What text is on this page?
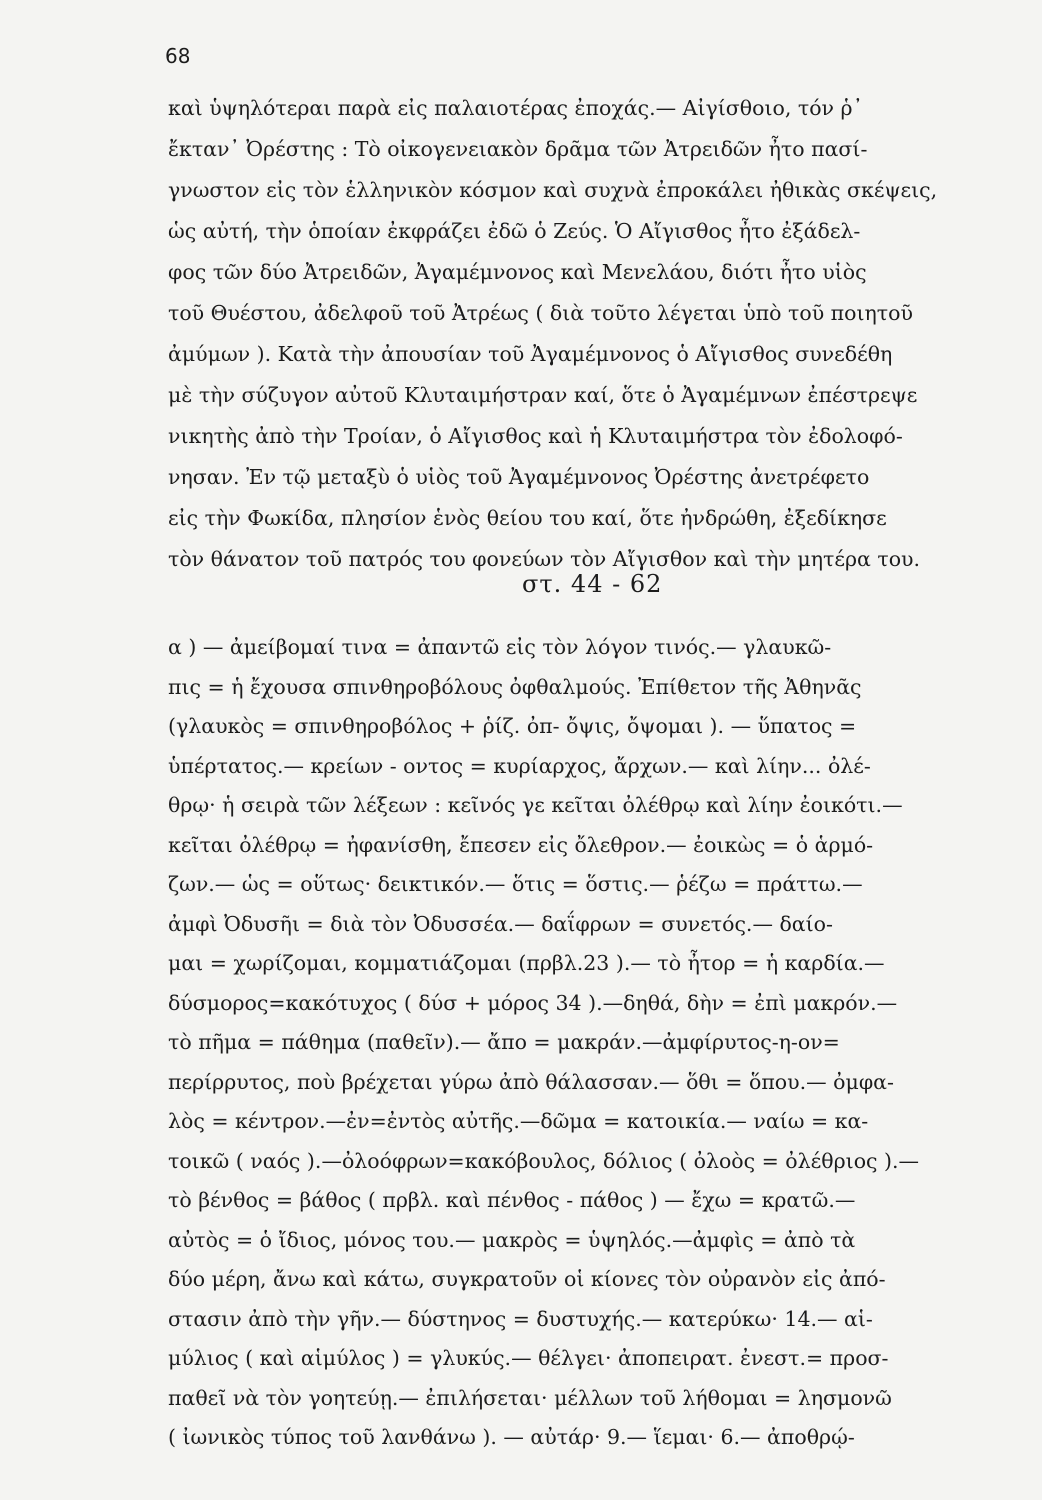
68
καὶ ὑψηλότεραι παρὰ εἰς παλαιοτέρας ἐποχάς.— Αἰγίσθοιο, τόν ῥ᾿
ἔκταν᾿ Ὀρέστης : Τὸ οἰκογενειακὸν δρᾶμα τῶν Ἀτρειδῶν ἦτο πασί-
γνωστον εἰς τὸν ἑλληνικὸν κόσμον καὶ συχνὰ ἐπροκάλει ἠθικὰς σκέψεις,
ὡς αὐτή, τὴν ὁποίαν ἐκφράζει ἐδῶ ὁ Ζεύς. Ὁ Αἴγισθος ἦτο ἐξάδελ-
φος τῶν δύο Ἀτρειδῶν, Ἀγαμέμνονος καὶ Μενελάου, διότι ἦτο υἱὸς
τοῦ Θυέστου, ἀδελφοῦ τοῦ Ἀτρέως ( διὰ τοῦτο λέγεται ὑπὸ τοῦ ποιητοῦ
ἀμύμων ). Κατὰ τὴν ἀπουσίαν τοῦ Ἀγαμέμνονος ὁ Αἴγισθος συνεδέθη
μὲ τὴν σύζυγον αὐτοῦ Κλυταιμήστραν καί, ὅτε ὁ Ἀγαμέμνων ἐπέστρεψε
νικητὴς ἀπὸ τὴν Τροίαν, ὁ Αἴγισθος καὶ ἡ Κλυταιμήστρα τὸν ἐδολοφό-
νησαν. Ἐν τῷ μεταξὺ ὁ υἱὸς τοῦ Ἀγαμέμνονος Ὀρέστης ἀνετρέφετο
εἰς τὴν Φωκίδα, πλησίον ἑνὸς θείου του καί, ὅτε ἠνδρώθη, ἐξεδίκησε
τὸν θάνατον τοῦ πατρός του φονεύων τὸν Αἴγισθον καὶ τὴν μητέρα του.
στ. 44 - 62
α ) — ἀμείβομαί τινα = ἀπαντῶ εἰς τὸν λόγον τινός.— γλαυκῶ-
πις = ἡ ἔχουσα σπινθηροβόλους ὀφθαλμούς. Ἐπίθετον τῆς Ἀθηνᾶς
(γλαυκὸς = σπινθηροβόλος + ῥίζ. ὀπ- ὄψις, ὄψομαι ). — ὕπατος =
ὑπέρτατος.— κρείων - οντος = κυρίαρχος, ἄρχων.— καὶ λίην... ὀλέ-
θρῳ· ἡ σειρὰ τῶν λέξεων : κεῖνός γε κεῖται ὀλέθρῳ καὶ λίην ἐοικότι.—
κεῖται ὀλέθρῳ = ἠφανίσθη, ἔπεσεν εἰς ὄλεθρον.— ἐοικὼς = ὁ ἁρμό-
ζων.— ὡς = οὕτως· δεικτικόν.— ὅτις = ὅστις.— ῥέζω = πράττω.—
ἀμφὶ Ὀδυσῆι = διὰ τὸν Ὀδυσσέα.— δαΐφρων = συνετός.— δαίο-
μαι = χωρίζομαι, κομματιάζομαι (πρβλ.23 ).— τὸ ἦτορ = ἡ καρδία.—
δύσμορος=κακότυχος ( δύσ + μόρος 34 ).—δηθά, δὴν = ἐπὶ μακρόν.—
τὸ πῆμα = πάθημα (παθεῖν).— ἄπο = μακράν.—ἀμφίρυτος-η-ον=
περίρρυτος, ποὺ βρέχεται γύρω ἀπὸ θάλασσαν.— ὅθι = ὅπου.— ὀμφα-
λὸς = κέντρον.—ἐν=ἐντὸς αὐτῆς.—δῶμα = κατοικία.— ναίω = κα-
τοικῶ ( ναός ).—ὀλοόφρων=κακόβουλος, δόλιος ( ὀλοὸς = ὀλέθριος ).—
τὸ βένθος = βάθος ( πρβλ. καὶ πένθος - πάθος ) — ἔχω = κρατῶ.—
αὐτὸς = ὁ ἴδιος, μόνος του.— μακρὸς = ὑψηλός.—ἀμφὶς = ἀπὸ τὰ
δύο μέρη, ἄνω καὶ κάτω, συγκρατοῦν οἱ κίονες τὸν οὐρανὸν εἰς ἀπό-
στασιν ἀπὸ τὴν γῆν.— δύστηνος = δυστυχής.— κατερύκω· 14.— αἱ-
μύλιος ( καὶ αἱμύλος ) = γλυκύς.— θέλγει· ἀποπειρατ. ἐνεστ.= προσ-
παθεῖ νὰ τὸν γοητεύῃ.— ἐπιλήσεται· μέλλων τοῦ λήθομαι = λησμονῶ
( ἰωνικὸς τύπος τοῦ λανθάνω ). — αὐτάρ· 9.— ἵεμαι· 6.— ἀποθρῴ-
